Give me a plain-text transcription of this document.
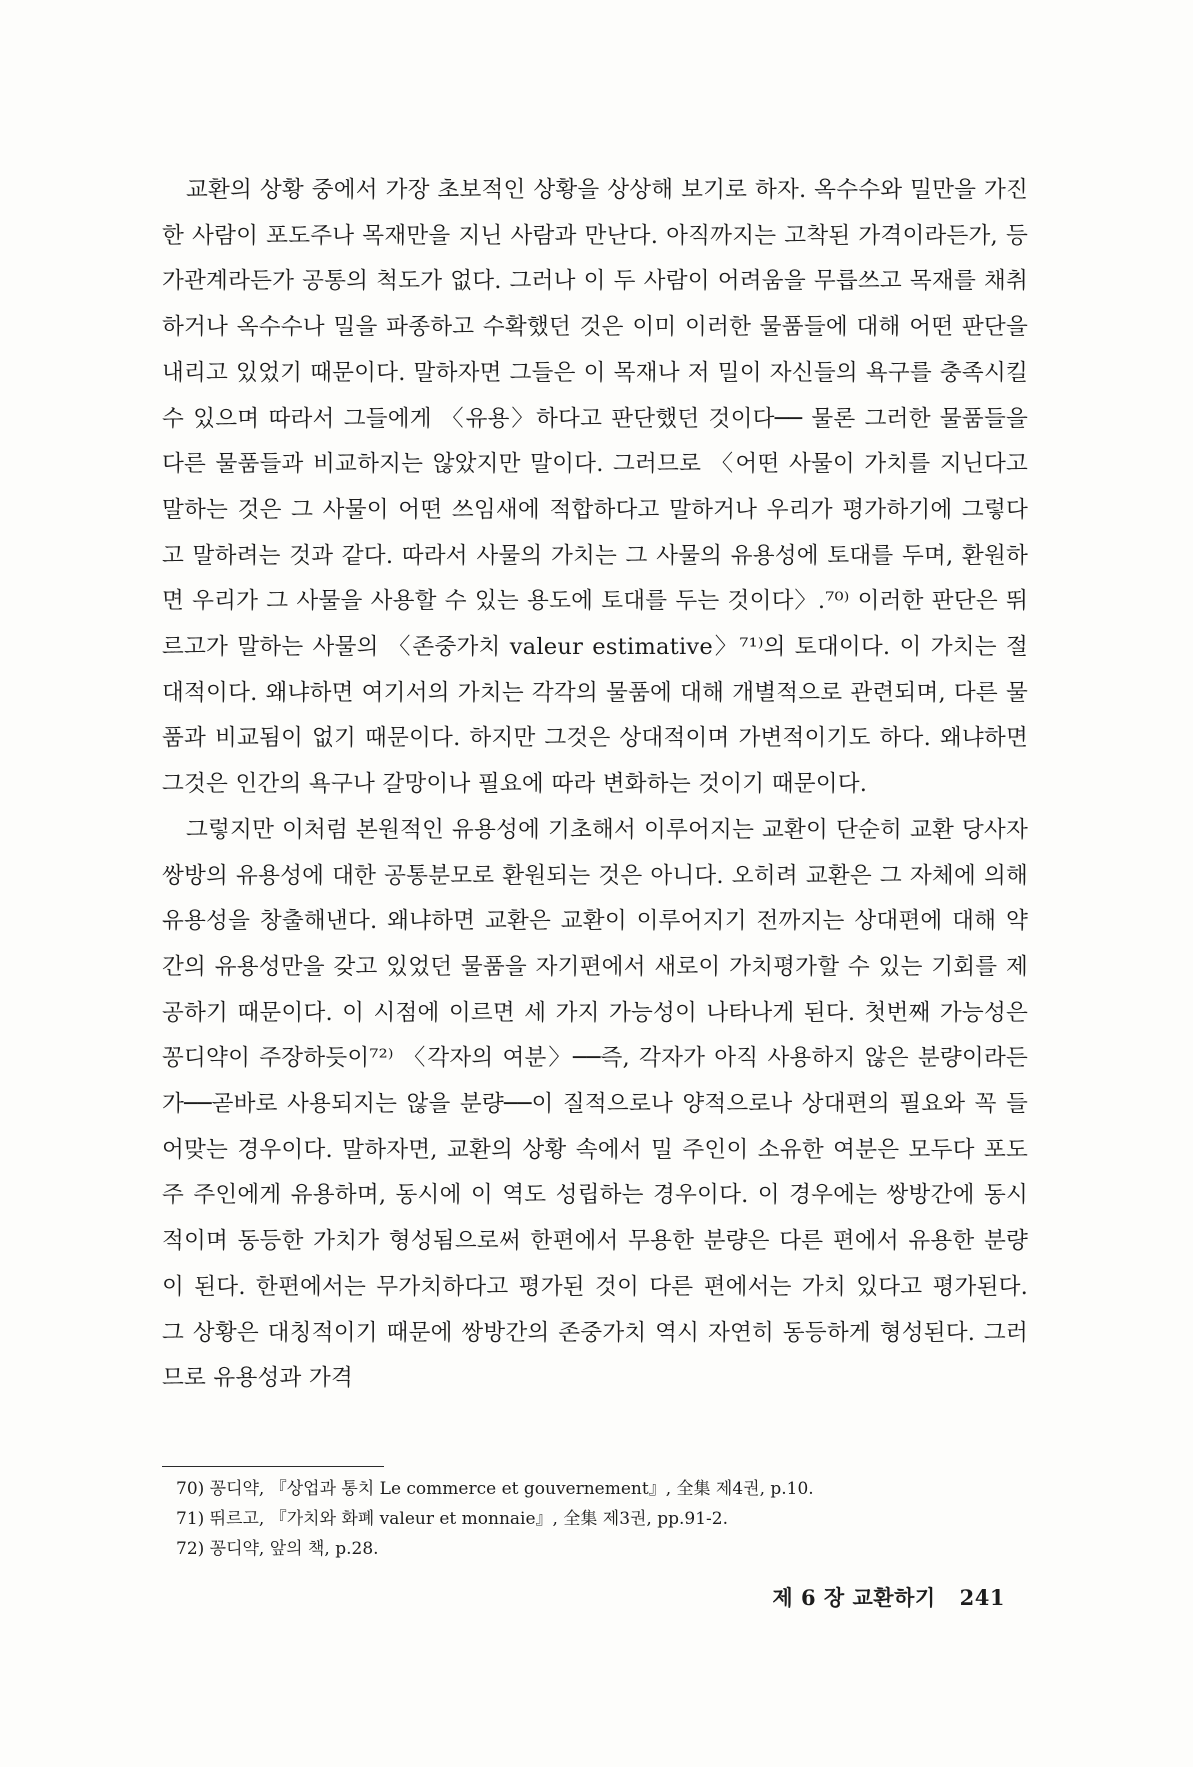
교환의 상황 중에서 가장 초보적인 상황을 상상해 보기로 하자. 옥수수와 밀만을 가진 한 사람이 포도주나 목재만을 지닌 사람과 만난다. 아직까지는 고착된 가격이라든가, 등가관계라든가 공통의 척도가 없다. 그러나 이 두 사람이 어려움을 무릅쓰고 목재를 채취하거나 옥수수나 밀을 파종하고 수확했던 것은 이미 이러한 물품들에 대해 어떤 판단을 내리고 있었기 때문이다. 말하자면 그들은 이 목재나 저 밀이 자신들의 욕구를 충족시킬 수 있으며 따라서 그들에게 〈유용〉하다고 판단했던 것이다── 물론 그러한 물품들을 다른 물품들과 비교하지는 않았지만 말이다. 그러므로 〈어떤 사물이 가치를 지닌다고 말하는 것은 그 사물이 어떤 쓰임새에 적합하다고 말하거나 우리가 평가하기에 그렇다고 말하려는 것과 같다. 따라서 사물의 가치는 그 사물의 유용성에 토대를 두며, 환원하면 우리가 그 사물을 사용할 수 있는 용도에 토대를 두는 것이다〉.⁷⁰⁾ 이러한 판단은 뛰르고가 말하는 사물의 〈존중가치 valeur estimative〉⁷¹⁾의 토대이다. 이 가치는 절대적이다. 왜냐하면 여기서의 가치는 각각의 물품에 대해 개별적으로 관련되며, 다른 물품과 비교됨이 없기 때문이다. 하지만 그것은 상대적이며 가변적이기도 하다. 왜냐하면 그것은 인간의 욕구나 갈망이나 필요에 따라 변화하는 것이기 때문이다.

그렇지만 이처럼 본원적인 유용성에 기초해서 이루어지는 교환이 단순히 교환 당사자 쌍방의 유용성에 대한 공통분모로 환원되는 것은 아니다. 오히려 교환은 그 자체에 의해 유용성을 창출해낸다. 왜냐하면 교환은 교환이 이루어지기 전까지는 상대편에 대해 약간의 유용성만을 갖고 있었던 물품을 자기편에서 새로이 가치평가할 수 있는 기회를 제공하기 때문이다. 이 시점에 이르면 세 가지 가능성이 나타나게 된다. 첫번째 가능성은 꽁디약이 주장하듯이⁷²⁾ 〈각자의 여분〉──즉, 각자가 아직 사용하지 않은 분량이라든가──곧바로 사용되지는 않을 분량──이 질적으로나 양적으로나 상대편의 필요와 꼭 들어맞는 경우이다. 말하자면, 교환의 상황 속에서 밀 주인이 소유한 여분은 모두다 포도주 주인에게 유용하며, 동시에 이 역도 성립하는 경우이다. 이 경우에는 쌍방간에 동시적이며 동등한 가치가 형성됨으로써 한편에서 무용한 분량은 다른 편에서 유용한 분량이 된다. 한편에서는 무가치하다고 평가된 것이 다른 편에서는 가치 있다고 평가된다. 그 상황은 대칭적이기 때문에 쌍방간의 존중가치 역시 자연히 동등하게 형성된다. 그러므로 유용성과 가격

70) 꽁디약, 『상업과 통치 Le commerce et gouvernement』, 全集 제4권, p.10.
71) 뛰르고, 『가치와 화폐 valeur et monnaie』, 全集 제3권, pp.91-2.
72) 꽁디약, 앞의 책, p.28.
제 6 장 교환하기 241
